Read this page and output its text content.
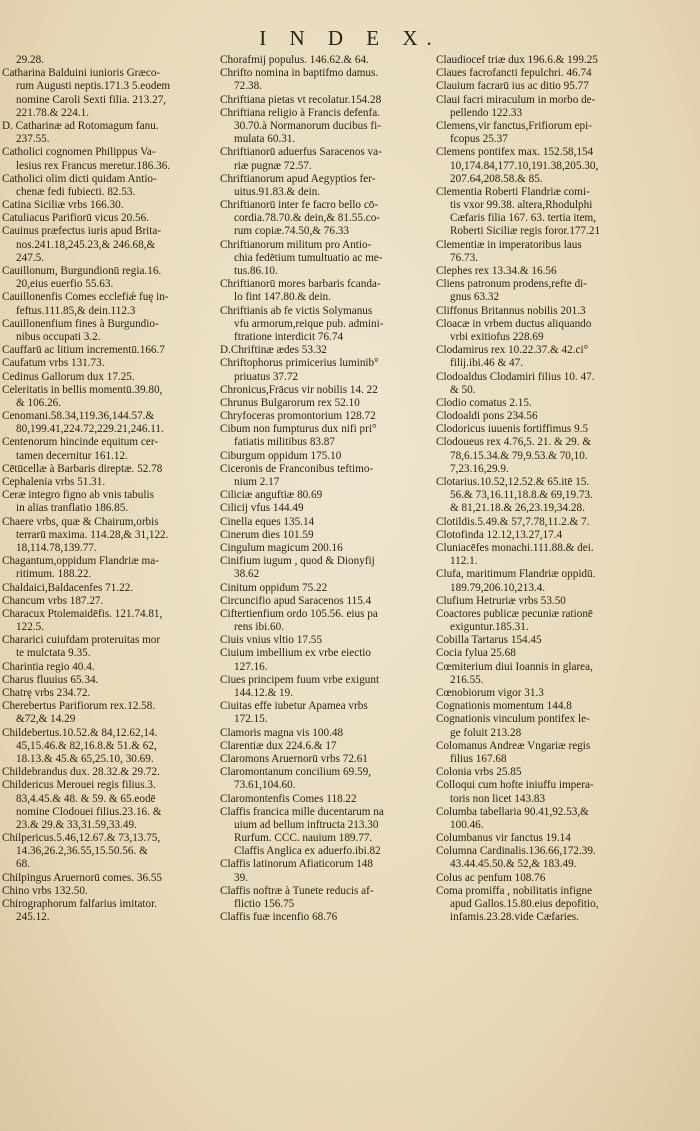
I N D E X.
29.28.
Catharina Balduini iunioris Græco-
rum Augusti neptis.171.3 5.eodem
nomine Caroli Sexti filia. 213.27,
221.78.& 224.1.
D. Catharinæ ad Rotomagum fanu.
237.55.
Catholici cognomen Philippus Va-
lesius rex Francus meretur.186.36.
Catholici olim dicti quidam Antio-
chenæ fedi fubiecti. 82.53.
Catina Siciliæ vrbs 166.30.
Catuliacus Parifiorū vicus 20.56.
Cauinus præfectus iuris apud Brita-
nos.241.18,245.23,& 246.68,&
247.5.
Cauillonum, Burgundionū regia.16.
20,eius euerfio 55.63.
Cauillonenfis Comes ecclefiǽ fuę in-
feftus.111.85,& dein.112.3
Cauillonenfium fines à Burgundio-
nibus occupati 3.2.
Cauffarū ac litium incrementū.166.7
Caufatum vrbs 131.73.
Cedinus Gallorum dux 17.25.
Celeritatis in bellis momentū.39.80,
& 106.26.
Cenomani.58.34,119.36,144.57.&
80,199.41,224.72,229.21,246.11.
Centenorum hincinde equitum cer-
tamen decernitur 161.12.
Cētūcellæ à Barbaris direptæ. 52.78
Cephalenia vrbs 51.31.
Ceræ integro figno ab vnis tabulis
in alias tranflatio 186.85.
Chaere vrbs, quæ & Chairum,orbis
terrarū maxima. 114.28,& 31,122.
18,114.78,139.77.
Chagantum,oppidum Flandriæ ma-
ritimum. 188.22.
Chaldaici,Baldacenfes 71.22.
Chancum vrbs 187.27.
Characux Ptolemaidēfis. 121.74.81,
122.5.
Chararici cuiufdam proteruitas mor
te mulctata 9.35.
Charintia regio 40.4.
Charus fluuius 65.34.
Chatrę vrbs 234.72.
Cherebertus Parifiorum rex.12.58.
&72,& 14.29
Childebertus.10.52.& 84,12.62,14.
45,15.46.& 82,16.8.& 51.& 62,
18.13.& 45.& 65,25.10, 30.69.
Childebrandus dux. 28.32.& 29.72.
Childericus Merouei regis filius.3.
83,4.45.& 48. & 59. & 65.eodē
nomine Clodouei filius.23.16. &
23.& 29.& 33,31.59,33.49.
Chilpericus.5.46,12.67.& 73,13.75,
14.36,26.2,36.55,15.50.56. &
68.
Chilpingus Aruernorū comes. 36.55
Chino vrbs 132.50.
Chirographorum falfarius imitator.
245.12.
Chorafmij populus. 146.62.& 64.
Chrifto nomina in baptifmo damus.
72.38.
Chriftiana pietas vt recolatur.154.28
Chriftiana religio à Francis defenfa.
30.70.à Normanorum ducibus fi-
mulata 60.31.
Chriftianorū aduerfus Saracenos va-
riæ pugnæ 72.57.
Chriftianorum apud Aegyptios fer-
uitus.91.83.& dein.
Chriftianorū inter fe facro bello cō-
cordia.78.70.& dein,& 81.55.co-
rum copiæ.74.50,& 76.33
Chriftianorum militum pro Antio-
chia fedētium tumultuatio ac me-
tus.86.10.
Chriftianorū mores barbaris fcanda-
lo fint 147.80.& dein.
Chriftianis ab fe victis Solymanus
vfu armorum,reique pub. admini-
ftratione interdicit 76.74
D.Chriftinæ ædes 53.32
Chriftophorus primicerius luminib°
priuatus 37.72
Chronicus,Frācus vir nobilis 14. 22
Chrunus Bulgarorum rex 52.10
Chryfoceras promontorium 128.72
Cibum non fumpturus dux nifi pri°
fatiatis militibus 83.87
Ciburgum oppidum 175.10
Ciceronis de Franconibus teftimo-
nium 2.17
Ciliciæ anguftiæ 80.69
Cilicij vfus 144.49
Cinella eques 135.14
Cinerum dies 101.59
Cingulum magicum 200.16
Cinifium iugum , quod & Dionyfij
38.62
Cinitum oppidum 75.22
Circuncifio apud Saracenos 115.4
Ciftertienfium ordo 105.56. eius pa
rens ibi.60.
Ciuis vnius vltio 17.55
Ciuium imbellium ex vrbe eiectio
127.16.
Ciues principem fuum vrbe exigunt
144.12.& 19.
Ciuitas effe iubetur Apamea vrbs
172.15.
Clamoris magna vis 100.48
Clarentiæ dux 224.6.& 17
Claromons Aruernorū vrbs 72.61
Claromontanum concilium 69.59,
73.61,104.60.
Claromontenfis Comes 118.22
Claffis francica mille ducentarum na
uium ad bellum inftructa 213.30
Rurfum. CCC. nauium 189.77.
Claffis Anglica ex aduerfo.ibi.82
Claffis latinorum Afiaticorum 148
39.
Claffis noftræ à Tunete reducis af-
flictio 156.75
Claffis fuæ incenfio 68.76
Claudiocef triæ dux 196.6.& 199.25
Claues facrofancti fepulchri. 46.74
Clauium facrarū ius ac ditio 95.77
Claui facri miraculum in morbo de-
pellendo 122.33
Clemens,vir fanctus,Frifiorum epi-
fcopus 25.37
Clemens pontifex max. 152.58,154
10,174.84,177.10,191.38,205.30,
207.64,208.58.& 85.
Clementia Roberti Flandriæ comi-
tis vxor 99.38. altera,Rhodulphi
Cæfaris filia 167. 63. tertia item,
Roberti Siciliæ regis foror.177.21
Clementiæ in imperatoribus laus
76.73.
Clephes rex 13.34.& 16.56
Cliens patronum prodens,refte di-
gnus 63.32
Cliffonus Britannus nobilis 201.3
Cloacæ in vrbem ductus aliquando
vrbi exitiofus 228.69
Clodamirus rex 10.22.37.& 42.ci°
filij.ibi.46 & 47.
Clodoaldus Clodamiri filius 10. 47.
& 50.
Clodio comatus 2.15.
Clodoaldi pons 234.56
Clodoricus iuuenis fortiffimus 9.5
Clodoueus rex 4.76,5. 21. & 29. &
78,6.15.34.& 79,9.53.& 70,10.
7,23.16,29.9.
Clotarius.10.52,12.52.& 65.itē 15.
56.& 73,16.11,18.8.& 69,19.73.
& 81,21.18.& 26,23.19,34.28.
Clotildis.5.49.& 57,7.78,11.2.& 7.
Clotofinda 12.12,13.27,17.4
Cluniacēfes monachi.111.88.& dei.
112.1.
Clufa, maritimum Flandriæ oppidū.
189.79,206.10,213.4.
Clufium Hetruriæ vrbs 53.50
Coactores publicæ pecuniæ rationē
exiguntur.185.31.
Cobilla Tartarus 154.45
Cocia fylua 25.68
Cœmiterium diui Ioannis in glarea,
216.55.
Cœnobiorum vigor 31.3
Cognationis momentum 144.8
Cognationis vinculum pontifex le-
ge foluit 213.28
Colomanus Andreæ Vngariæ regis
filius 167.68
Colonia vrbs 25.85
Colloqui cum hofte iniuffu impera-
toris non licet 143.83
Columba tabellaria 90.41,92.53,&
100.46.
Columbanus vir fanctus 19.14
Columna Cardinalis.136.66,172.39.
43.44.45.50.& 52,& 183.49.
Colus ac penfum 108.76
Coma promiffa , nobilitatis infigne
apud Gallos.15.80.eius depofitio,
infamis.23.28.vide Cæfaries.
